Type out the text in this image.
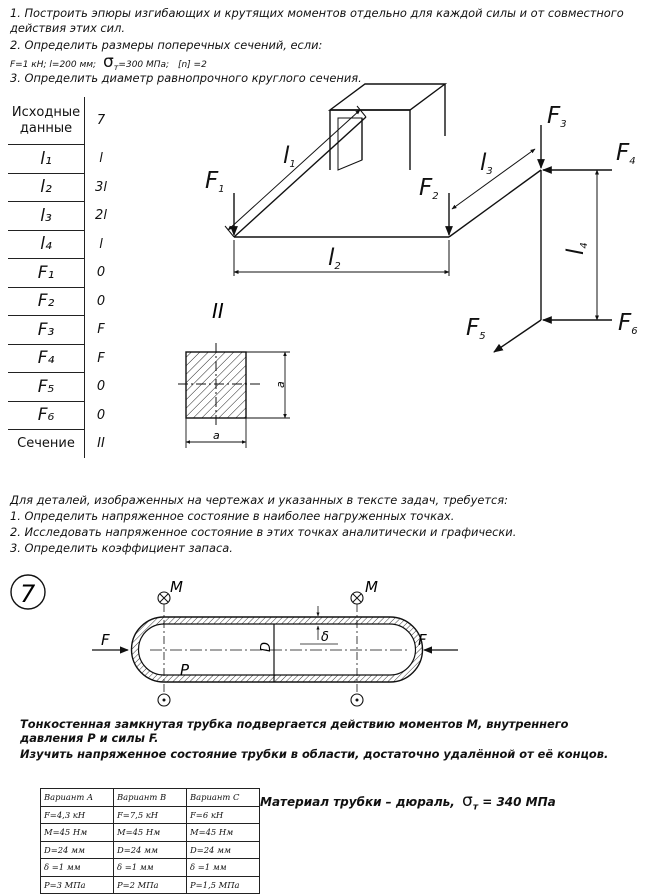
1. Построить эпюры изгибающих и крутящих моментов отдельно для каждой силы и от совместного
действия этих сил.
2. Определить размеры поперечных сечений, если:
F=1 кН; l=200 мм; $\sigma_т=300$ МПа; [n] =2
3. Определить диаметр равнопрочного круглого сечения.
Исходные данные	7
l₁	l
l₂	3l
l₃	2l
l₄	l
F₁	0
F₂	0
F₃	F
F₄	F
F₅	0
F₆	0
Сечение	II
F1	F2
F3
F4
F5
F6
l1
l2
l3
l4
II
a
a
7	M	M
F	F
D
δ
P
Для деталей, изображенных на чертежах и указанных в тексте задач, требуется:
1. Определить напряженное состояние в наиболее нагруженных точках.
2. Исследовать напряженное состояние в этих точках аналитически и графически.
3. Определить коэффициент запаса.
Тонкостенная замкнутая трубка подвергается действию моментов M, внутреннего
давления P и силы F.
Изучить напряженное состояние трубки в области, достаточно удалённой от её концов.
Вариант A	Вариант B	Вариант C
F=4,3 кН	F=7,5 кН	F=6 кН
M=45 Нм	M=45 Нм	M=45 Нм
D=24 мм	D=24 мм	D=24 мм
δ =1 мм	δ =1 мм	δ =1 мм
P=3 МПа	P=2 МПа	P=1,5 МПа
Материал трубки – дюраль, $\sigma_т = 340$ МПа
